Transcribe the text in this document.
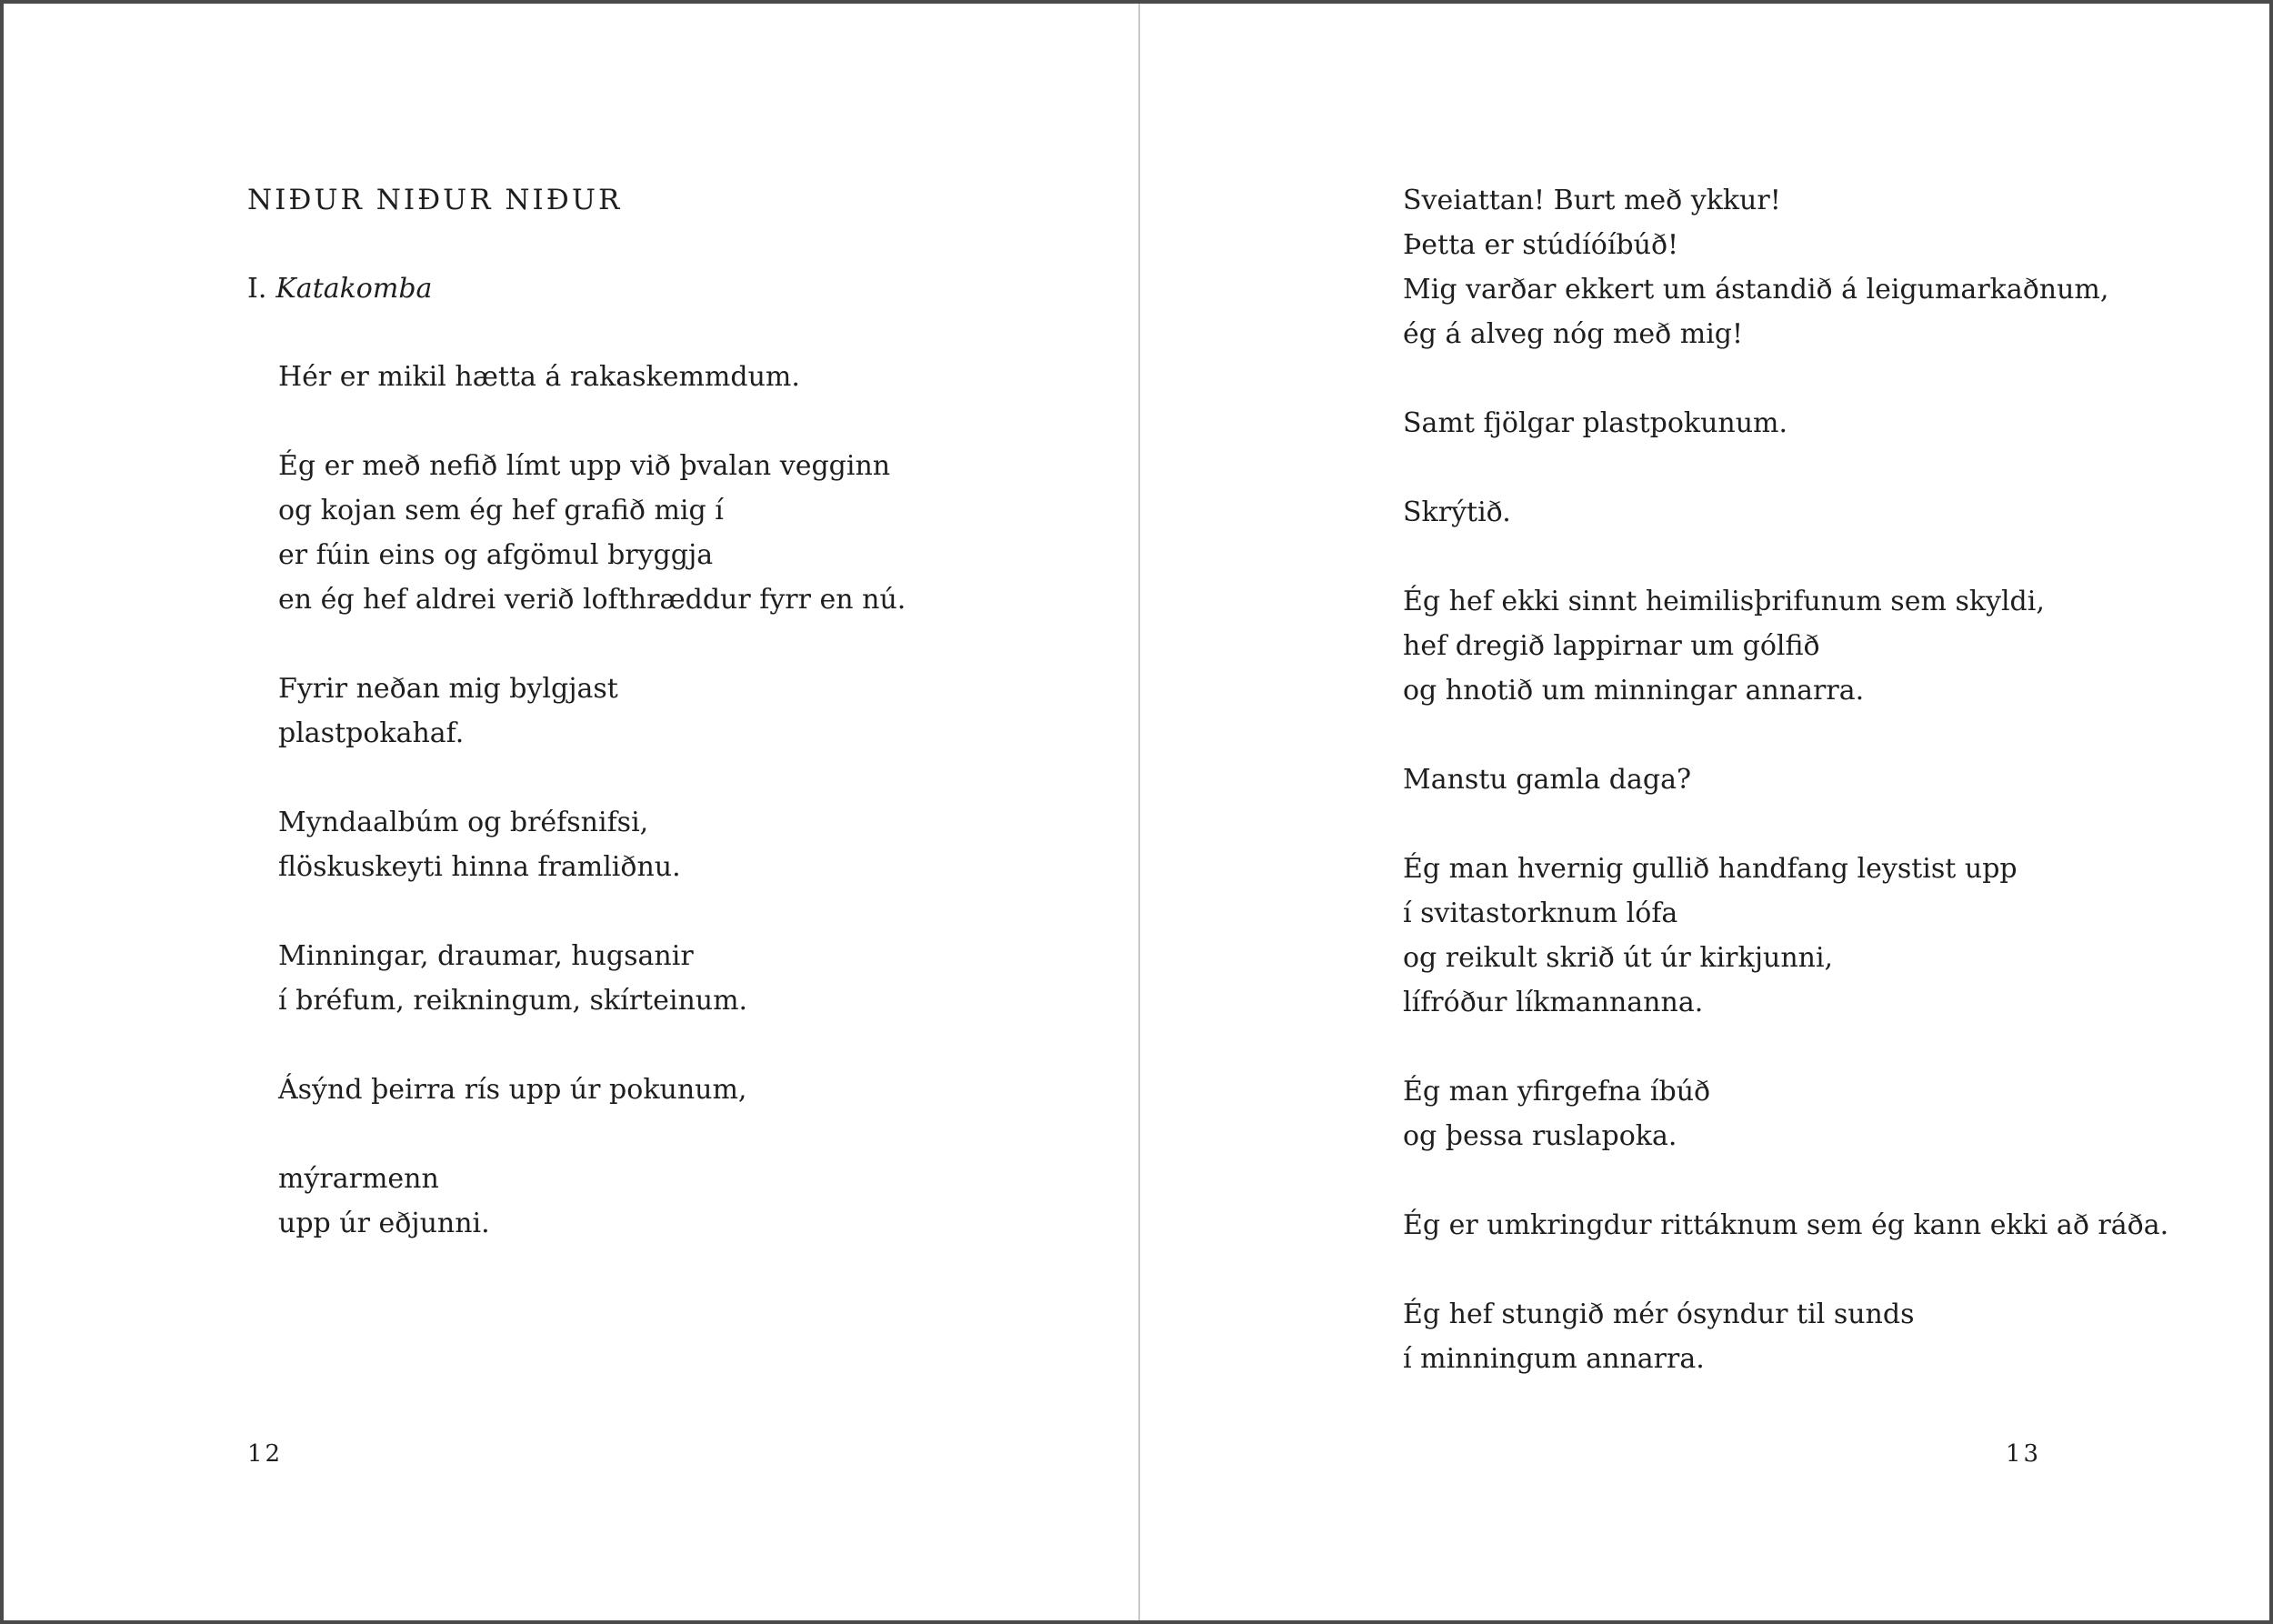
NIÐUR NIÐUR NIÐUR
I. Katakomba
Hér er mikil hætta á rakaskemmdum.
Ég er með nefið límt upp við þvalan vegginn
og kojan sem ég hef grafið mig í
er fúin eins og afgömul bryggja
en ég hef aldrei verið lofthræddur fyrr en nú.
Fyrir neðan mig bylgjast
plastpokahaf.
Myndaalbúm og bréfsnifsi,
flöskuskeyti hinna framliðnu.
Minningar, draumar, hugsanir
í bréfum, reikningum, skírteinum.
Ásýnd þeirra rís upp úr pokunum,
mýrarmenn
upp úr eðjunni.
12
Sveiattan! Burt með ykkur!
Þetta er stúdíóíbúð!
Mig varðar ekkert um ástandið á leigumarkaðnum,
ég á alveg nóg með mig!
Samt fjölgar plastpokunum.
Skrýtið.
Ég hef ekki sinnt heimilisþrifunum sem skyldi,
hef dregið lappirnar um gólfið
og hnotið um minningar annarra.
Manstu gamla daga?
Ég man hvernig gullið handfang leystist upp
í svitastorknum lófa
og reikult skrið út úr kirkjunni,
lífróður líkmannanna.
Ég man yfirgefna íbúð
og þessa ruslapoka.
Ég er umkringdur rittáknum sem ég kann ekki að ráða.
Ég hef stungið mér ósyndur til sunds
í minningum annarra.
13
